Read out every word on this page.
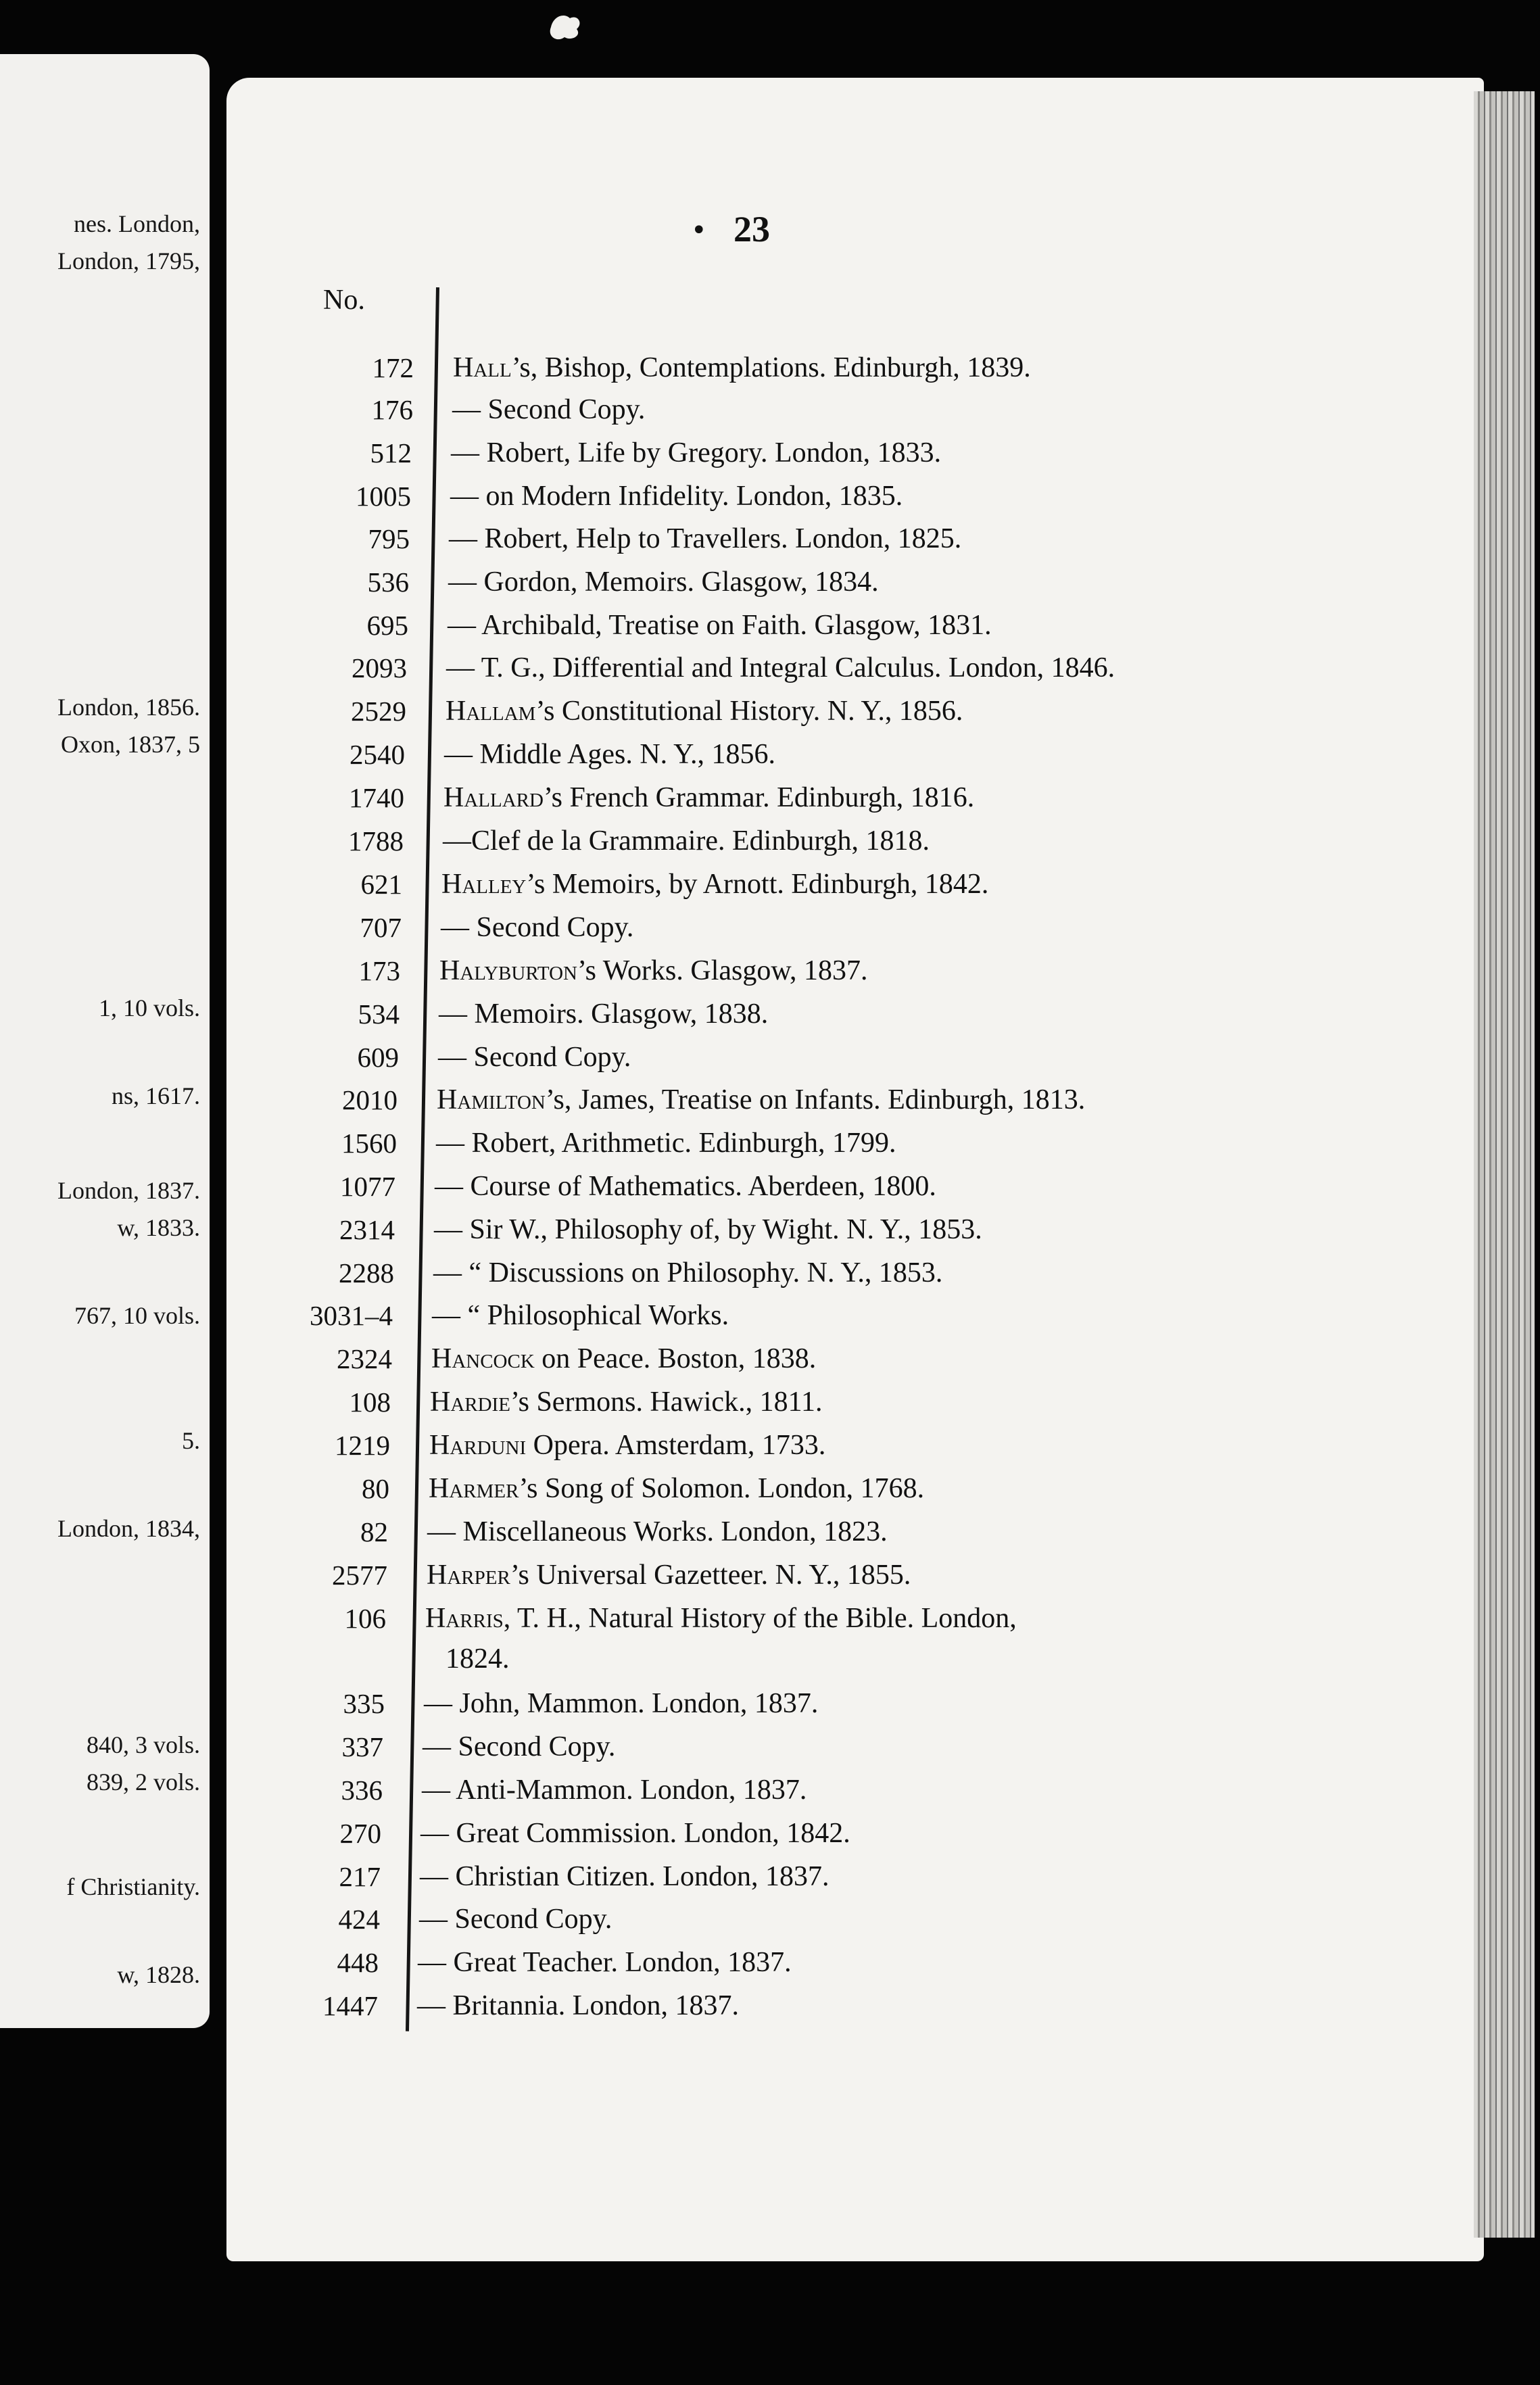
nes. London,
London, 1795,
London, 1856.
Oxon, 1837, 5
1, 10 vols.
ns, 1617.
London, 1837.
w, 1833.
767, 10 vols.
5.
London, 1834,
840, 3 vols.
839, 2 vols.
f Christianity.
w, 1828.
• 23
No.
172 Hall’s, Bishop, Contemplations. Edinburgh, 1839.
176 — Second Copy.
512 — Robert, Life by Gregory. London, 1833.
1005 — on Modern Infidelity. London, 1835.
795 — Robert, Help to Travellers. London, 1825.
536 — Gordon, Memoirs. Glasgow, 1834.
695 — Archibald, Treatise on Faith. Glasgow, 1831.
2093 — T. G., Differential and Integral Calculus. London, 1846.
2529 Hallam’s Constitutional History. N. Y., 1856.
2540 — Middle Ages. N. Y., 1856.
1740 Hallard’s French Grammar. Edinburgh, 1816.
1788 —Clef de la Grammaire. Edinburgh, 1818.
621 Halley’s Memoirs, by Arnott. Edinburgh, 1842.
707 — Second Copy.
173 Halyburton’s Works. Glasgow, 1837.
534 — Memoirs. Glasgow, 1838.
609 — Second Copy.
2010 Hamilton’s, James, Treatise on Infants. Edinburgh, 1813.
1560 — Robert, Arithmetic. Edinburgh, 1799.
1077 — Course of Mathematics. Aberdeen, 1800.
2314 — Sir W., Philosophy of, by Wight. N. Y., 1853.
2288 — “ Discussions on Philosophy. N. Y., 1853.
3031–4 — “ Philosophical Works.
2324 Hancock on Peace. Boston, 1838.
108 Hardie’s Sermons. Hawick., 1811.
1219 Harduni Opera. Amsterdam, 1733.
80 Harmer’s Song of Solomon. London, 1768.
82 — Miscellaneous Works. London, 1823.
2577 Harper’s Universal Gazetteer. N. Y., 1855.
106 Harris, T. H., Natural History of the Bible. London,
1824.
335 — John, Mammon. London, 1837.
337 — Second Copy.
336 — Anti-Mammon. London, 1837.
270 — Great Commission. London, 1842.
217 — Christian Citizen. London, 1837.
424 — Second Copy.
448 — Great Teacher. London, 1837.
1447 — Britannia. London, 1837.
